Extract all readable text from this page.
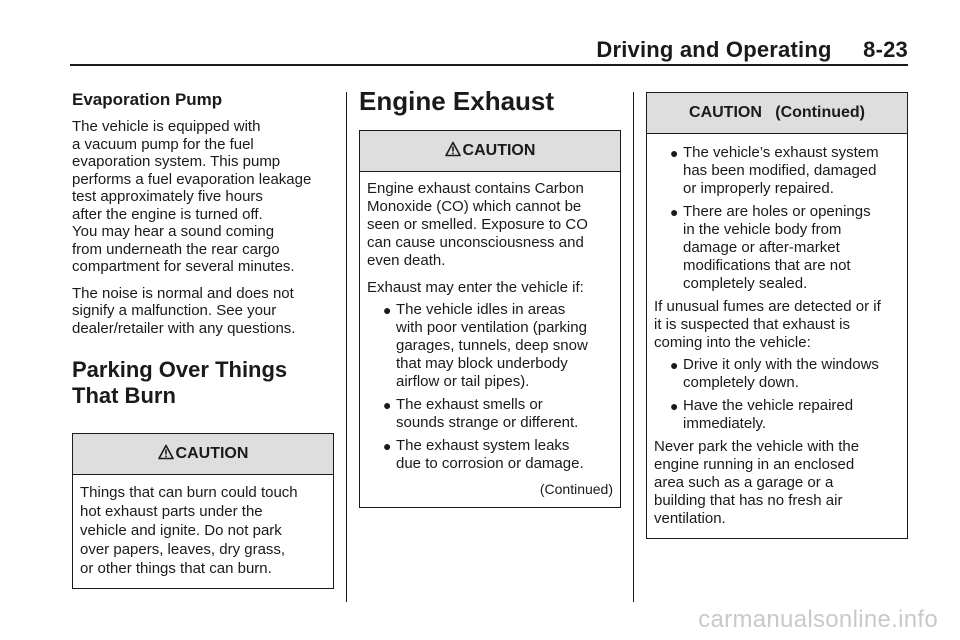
Driving and Operating     8-23
Evaporation Pump

The vehicle is equipped with
a vacuum pump for the fuel
evaporation system. This pump
performs a fuel evaporation leakage
test approximately five hours
after the engine is turned off.
You may hear a sound coming
from underneath the rear cargo
compartment for several minutes.

The noise is normal and does not
signify a malfunction. See your
dealer/retailer with any questions.

Parking Over Things
That Burn
CAUTION

Things that can burn could touch
hot exhaust parts under the
vehicle and ignite. Do not park
over papers, leaves, dry grass,
or other things that can burn.

Engine Exhaust
CAUTION

Engine exhaust contains Carbon
Monoxide (CO) which cannot be
seen or smelled. Exposure to CO
can cause unconsciousness and
even death.

Exhaust may enter the vehicle if:

● The vehicle idles in areas
with poor ventilation (parking
garages, tunnels, deep snow
that may block underbody
airflow or tail pipes).
● The exhaust smells or
sounds strange or different.
● The exhaust system leaks
due to corrosion or damage.
(Continued)
CAUTION   (Continued)
● The vehicle’s exhaust system
has been modified, damaged
or improperly repaired.
● There are holes or openings
in the vehicle body from
damage or after-market
modifications that are not
completely sealed.

If unusual fumes are detected or if
it is suspected that exhaust is
coming into the vehicle:

● Drive it only with the windows
completely down.
● Have the vehicle repaired
immediately.

Never park the vehicle with the
engine running in an enclosed
area such as a garage or a
building that has no fresh air
ventilation.

carmanualsonline.info
